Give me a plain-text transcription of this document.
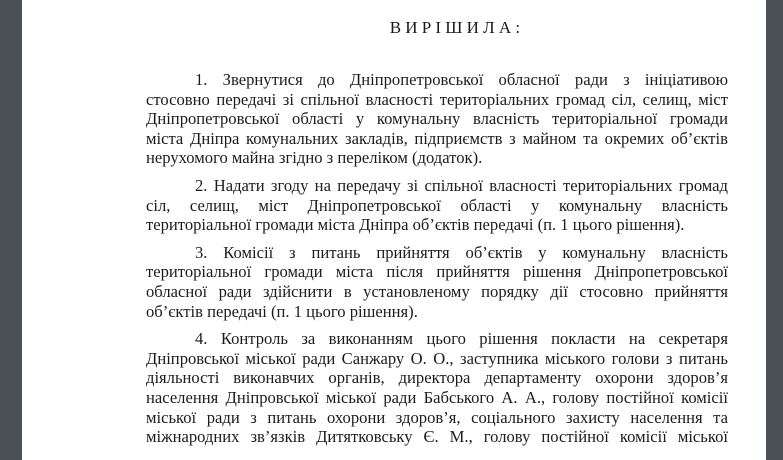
ВИРІШИЛА:
1. Звернутися до Дніпропетровської обласної ради з ініціативою
стосовно передачі зі спільної власності територіальних громад сіл, селищ, міст
Дніпропетровської області у комунальну власність територіальної громади
міста Дніпра комунальних закладів, підприємств з майном та окремих об’єктів
нерухомого майна згідно з переліком (додаток).
2. Надати згоду на передачу зі спільної власності територіальних громад
сіл, селищ, міст Дніпропетровської області у комунальну власність
територіальної громади міста Дніпра об’єктів передачі (п. 1 цього рішення).
3. Комісії з питань прийняття об’єктів у комунальну власність
територіальної громади міста після прийняття рішення Дніпропетровської
обласної ради здійснити в установленому порядку дії стосовно прийняття
об’єктів передачі (п. 1 цього рішення).
4. Контроль за виконанням цього рішення покласти на секретаря
Дніпровської міської ради Санжару О. О., заступника міського голови з питань
діяльності виконавчих органів, директора департаменту охорони здоров’я
населення Дніпровської міської ради Бабського А. А., голову постійної комісії
міської ради з питань охорони здоров’я, соціального захисту населення та
міжнародних зв’язків Дитятковську Є. М., голову постійної комісії міської
